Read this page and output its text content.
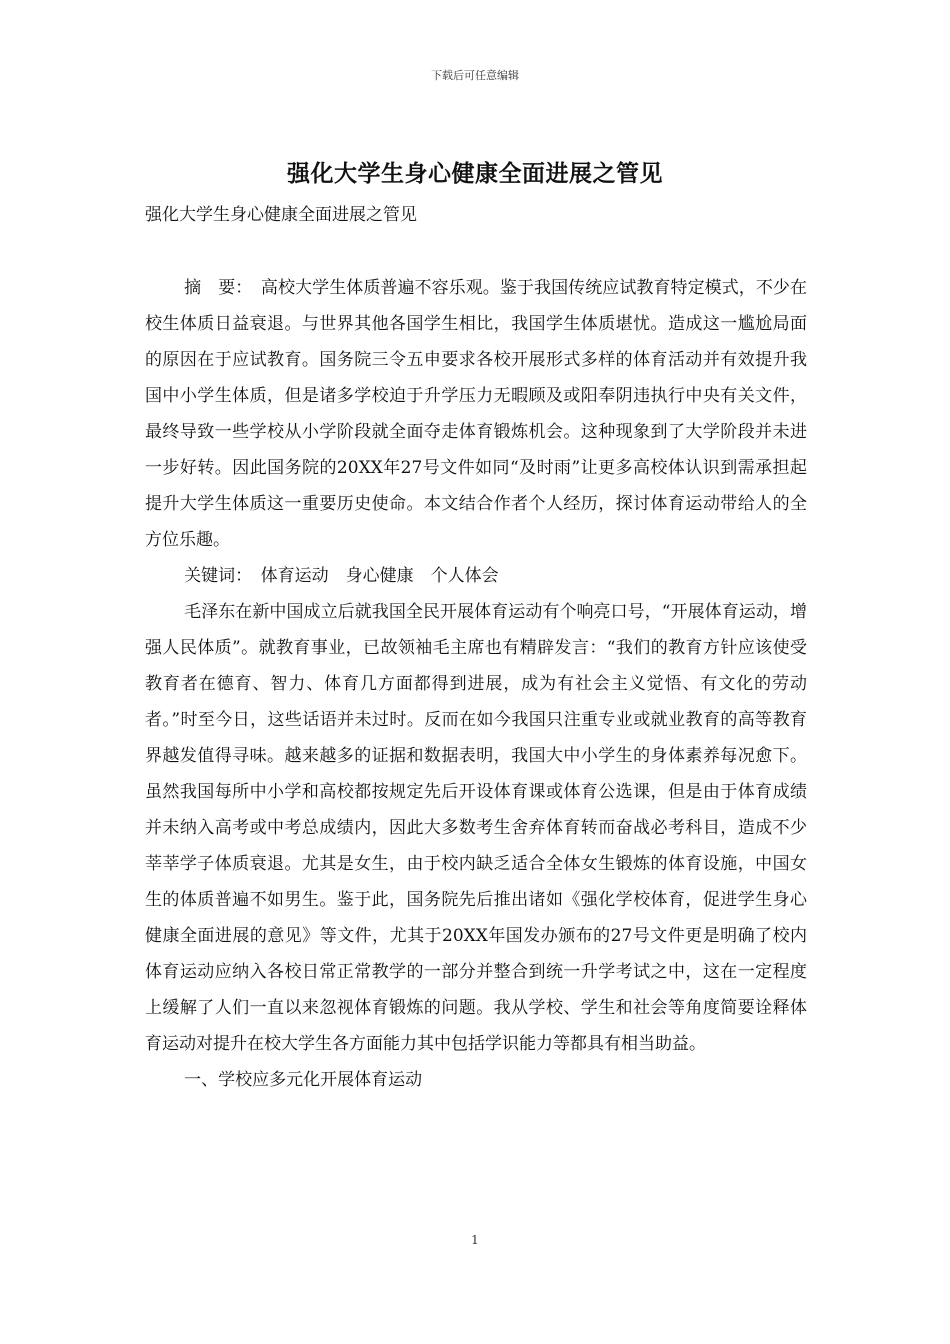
下载后可任意编辑
强化大学生身心健康全面进展之管见
强化大学生身心健康全面进展之管见

摘　要：　高校大学生体质普遍不容乐观。鉴于我国传统应试教育特定模式，不少在校生体质日益衰退。与世界其他各国学生相比，我国学生体质堪忧。造成这一尴尬局面的原因在于应试教育。国务院三令五申要求各校开展形式多样的体育活动并有效提升我国中小学生体质，但是诸多学校迫于升学压力无暇顾及或阳奉阴违执行中央有关文件，最终导致一些学校从小学阶段就全面夺走体育锻炼机会。这种现象到了大学阶段并未进一步好转。因此国务院的20XX年27号文件如同“及时雨”让更多高校体认识到需承担起提升大学生体质这一重要历史使命。本文结合作者个人经历，探讨体育运动带给人的全方位乐趣。

关键词：　体育运动　身心健康　个人体会

毛泽东在新中国成立后就我国全民开展体育运动有个响亮口号，“开展体育运动，增强人民体质”。就教育事业，已故领袖毛主席也有精辟发言：“我们的教育方针应该使受教育者在德育、智力、体育几方面都得到进展，成为有社会主义觉悟、有文化的劳动者。”时至今日，这些话语并未过时。反而在如今我国只注重专业或就业教育的高等教育界越发值得寻味。越来越多的证据和数据表明，我国大中小学生的身体素养每况愈下。虽然我国每所中小学和高校都按规定先后开设体育课或体育公选课，但是由于体育成绩并未纳入高考或中考总成绩内，因此大多数考生舍弃体育转而奋战必考科目，造成不少莘莘学子体质衰退。尤其是女生，由于校内缺乏适合全体女生锻炼的体育设施，中国女生的体质普遍不如男生。鉴于此，国务院先后推出诸如《强化学校体育，促进学生身心健康全面进展的意见》等文件，尤其于20XX年国发办颁布的27号文件更是明确了校内体育运动应纳入各校日常正常教学的一部分并整合到统一升学考试之中，这在一定程度上缓解了人们一直以来忽视体育锻炼的问题。我从学校、学生和社会等角度简要诠释体育运动对提升在校大学生各方面能力其中包括学识能力等都具有相当助益。

一、学校应多元化开展体育运动

1
